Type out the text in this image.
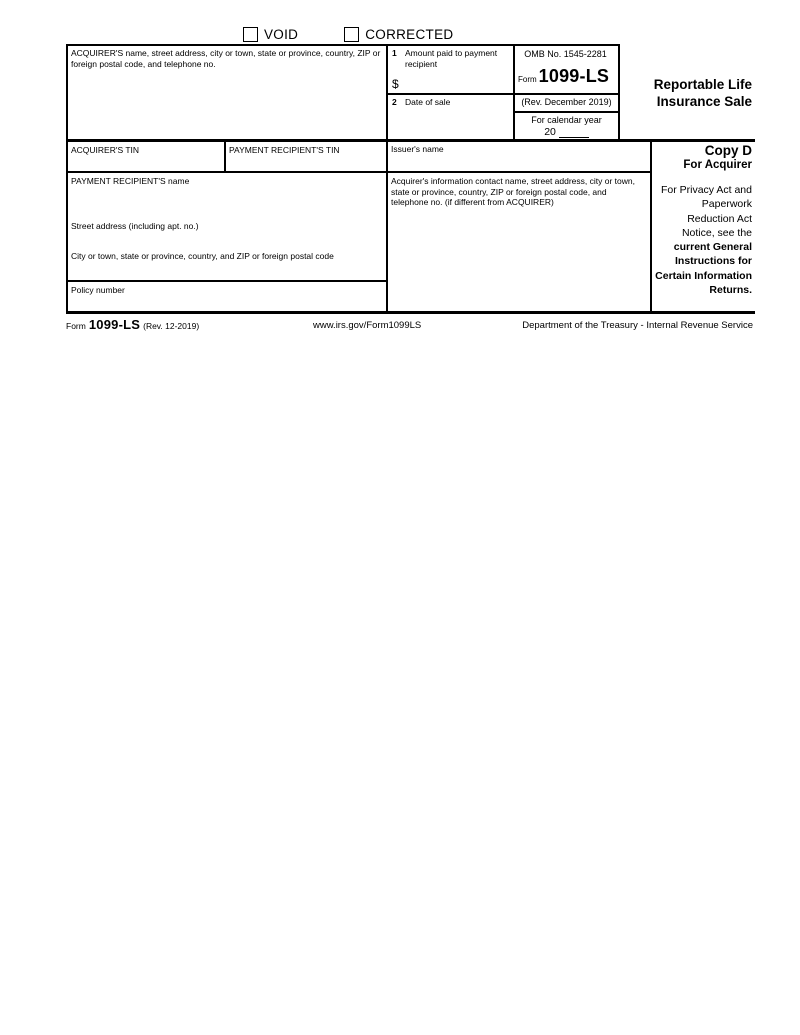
VOID	CORRECTED
ACQUIRER'S name, street address, city or town, state or province, country, ZIP or foreign postal code, and telephone no.
1 Amount paid to payment recipient
$
2 Date of sale
OMB No. 1545-2281
Form 1099-LS
(Rev. December 2019)
For calendar year
20
Reportable Life Insurance Sale
ACQUIRER'S TIN	PAYMENT RECIPIENT'S TIN	Issuer's name
PAYMENT RECIPIENT'S name
Street address (including apt. no.)
City or town, state or province, country, and ZIP or foreign postal code
Policy number
Acquirer's information contact name, street address, city or town, state or province, country, ZIP or foreign postal code, and telephone no. (if different from ACQUIRER)
Copy D
For Acquirer
For Privacy Act and Paperwork Reduction Act Notice, see the current General Instructions for Certain Information Returns.
Form 1099-LS (Rev. 12-2019)	www.irs.gov/Form1099LS	Department of the Treasury - Internal Revenue Service
